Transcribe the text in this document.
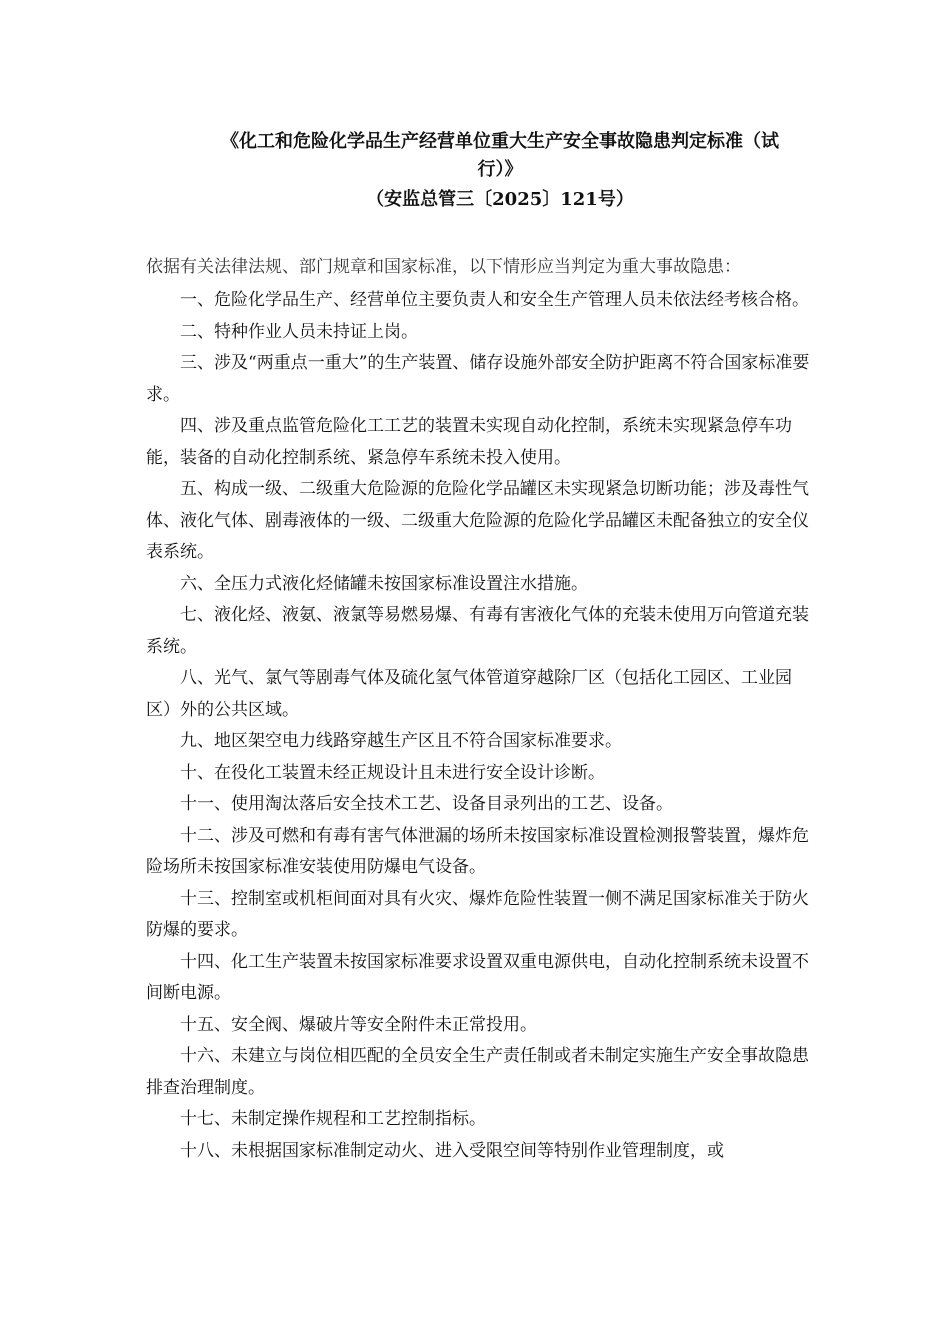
《化工和危险化学品生产经营单位重大生产安全事故隐患判定标准（试
行）》
（安监总管三〔2025〕121号）
依据有关法律法规、部门规章和国家标准，以下情形应当判定为重大事故隐患：

一、危险化学品生产、经营单位主要负责人和安全生产管理人员未依法经考核合格。

二、特种作业人员未持证上岗。

三、涉及“两重点一重大”的生产装置、储存设施外部安全防护距离不符合国家标准要求。

四、涉及重点监管危险化工工艺的装置未实现自动化控制，系统未实现紧急停车功能，装备的自动化控制系统、紧急停车系统未投入使用。

五、构成一级、二级重大危险源的危险化学品罐区未实现紧急切断功能；涉及毒性气体、液化气体、剧毒液体的一级、二级重大危险源的危险化学品罐区未配备独立的安全仪表系统。

六、全压力式液化烃储罐未按国家标准设置注水措施。

七、液化烃、液氨、液氯等易燃易爆、有毒有害液化气体的充装未使用万向管道充装系统。

八、光气、氯气等剧毒气体及硫化氢气体管道穿越除厂区（包括化工园区、工业园区）外的公共区域。

九、地区架空电力线路穿越生产区且不符合国家标准要求。

十、在役化工装置未经正规设计且未进行安全设计诊断。

十一、使用淘汰落后安全技术工艺、设备目录列出的工艺、设备。

十二、涉及可燃和有毒有害气体泄漏的场所未按国家标准设置检测报警装置，爆炸危险场所未按国家标准安装使用防爆电气设备。

十三、控制室或机柜间面对具有火灾、爆炸危险性装置一侧不满足国家标准关于防火防爆的要求。

十四、化工生产装置未按国家标准要求设置双重电源供电，自动化控制系统未设置不间断电源。

十五、安全阀、爆破片等安全附件未正常投用。

十六、未建立与岗位相匹配的全员安全生产责任制或者未制定实施生产安全事故隐患排查治理制度。

十七、未制定操作规程和工艺控制指标。

十八、未根据国家标准制定动火、进入受限空间等特别作业管理制度，或
